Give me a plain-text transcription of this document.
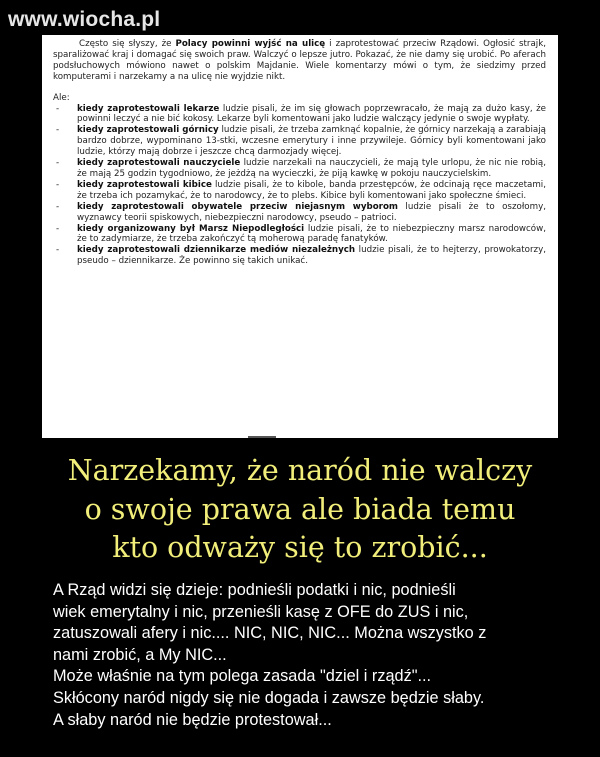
www.wiocha.pl

Często się słyszy, że Polacy powinni wyjść na ulicę i zaprotestować przeciw Rządowi. Ogłosić strajk, sparaliżować kraj i domagać się swoich praw. Walczyć o lepsze jutro. Pokazać, że nie damy się urobić. Po aferach podsłuchowych mówiono nawet o polskim Majdanie. Wiele komentarzy mówi o tym, że siedzimy przed komputerami i narzekamy a na ulicę nie wyjdzie nikt.

Ale:

- kiedy zaprotestowali lekarze ludzie pisali, że im się głowach poprzewracało, że mają za dużo kasy, że powinni leczyć a nie bić kokosy. Lekarze byli komentowani jako ludzie walczący jedynie o swoje wypłaty.
- kiedy zaprotestowali górnicy ludzie pisali, że trzeba zamknąć kopalnie, że górnicy narzekają a zarabiają bardzo dobrze, wypominano 13-stki, wczesne emerytury i inne przywileje. Górnicy byli komentowani jako ludzie, którzy mają dobrze i jeszcze chcą darmozjady więcej.
- kiedy zaprotestowali nauczyciele ludzie narzekali na nauczycieli, że mają tyle urlopu, że nic nie robią, że mają 25 godzin tygodniowo, że jeżdżą na wycieczki, że piją kawkę w pokoju nauczycielskim.
- kiedy zaprotestowali kibice ludzie pisali, że to kibole, banda przestępców, że odcinają ręce maczetami, że trzeba ich pozamykać, że to narodowcy, że to plebs. Kibice byli komentowani jako społeczne śmieci.
- kiedy zaprotestowali obywatele przeciw niejasnym wyborom ludzie pisali że to oszołomy, wyznawcy teorii spiskowych, niebezpieczni narodowcy, pseudo – patrioci.
- kiedy organizowany był Marsz Niepodległości ludzie pisali, że to niebezpieczny marsz narodowców, że to zadymiarze, że trzeba zakończyć tą moherową paradę fanatyków.
- kiedy zaprotestowali dziennikarze mediów niezależnych ludzie pisali, że to hejterzy, prowokatorzy, pseudo – dziennikarze. Że powinno się takich unikać.
Narzekamy, że naród nie walczy
o swoje prawa ale biada temu
kto odważy się to zrobić...
A Rząd widzi się dzieje: podnieśli podatki i nic, podnieśli
wiek emerytalny i nic, przenieśli kasę z OFE do ZUS i nic,
zatuszowali afery i nic.... NIC, NIC, NIC... Można wszystko z
nami zrobić, a My NIC...
Może właśnie na tym polega zasada "dziel i rządź"...
Skłócony naród nigdy się nie dogada i zawsze będzie słaby.
A słaby naród nie będzie protestował...
